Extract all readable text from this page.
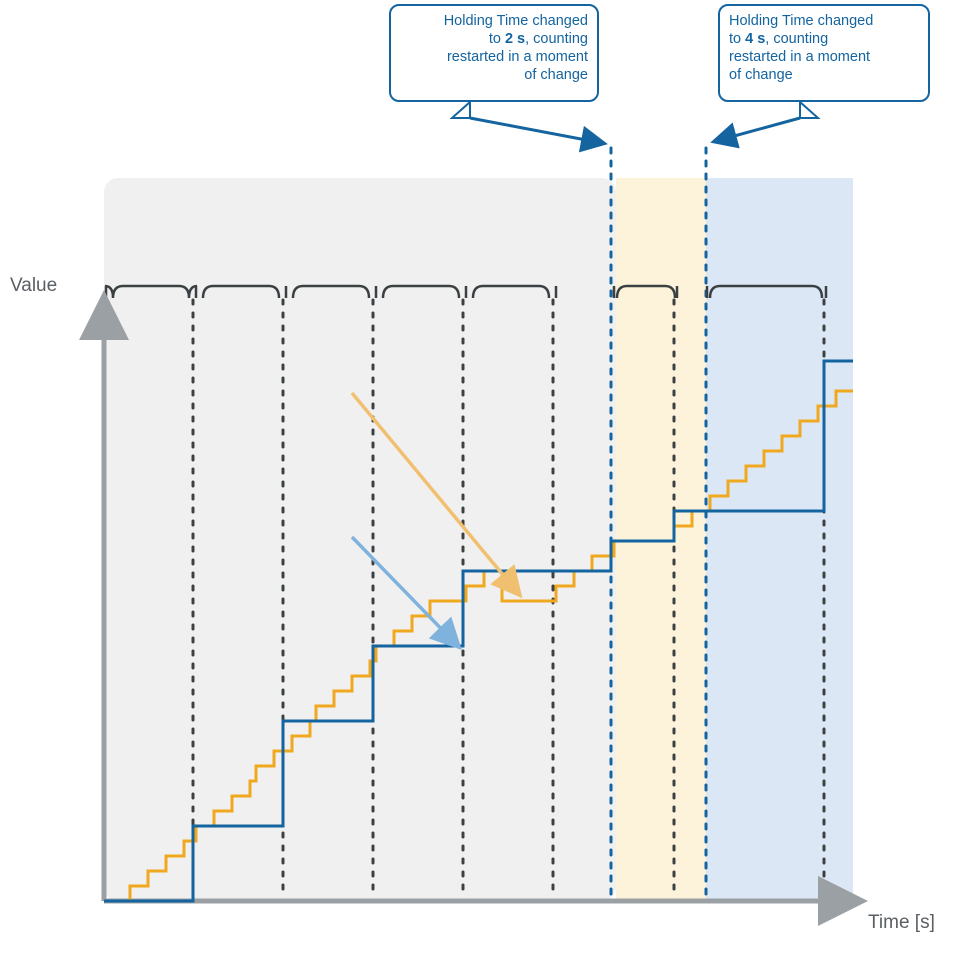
Holding Time changed
to 2 s, counting
restarted in a moment
of change
Holding Time changed
to 4 s, counting
restarted in a moment
of change
Value
Time [s]
